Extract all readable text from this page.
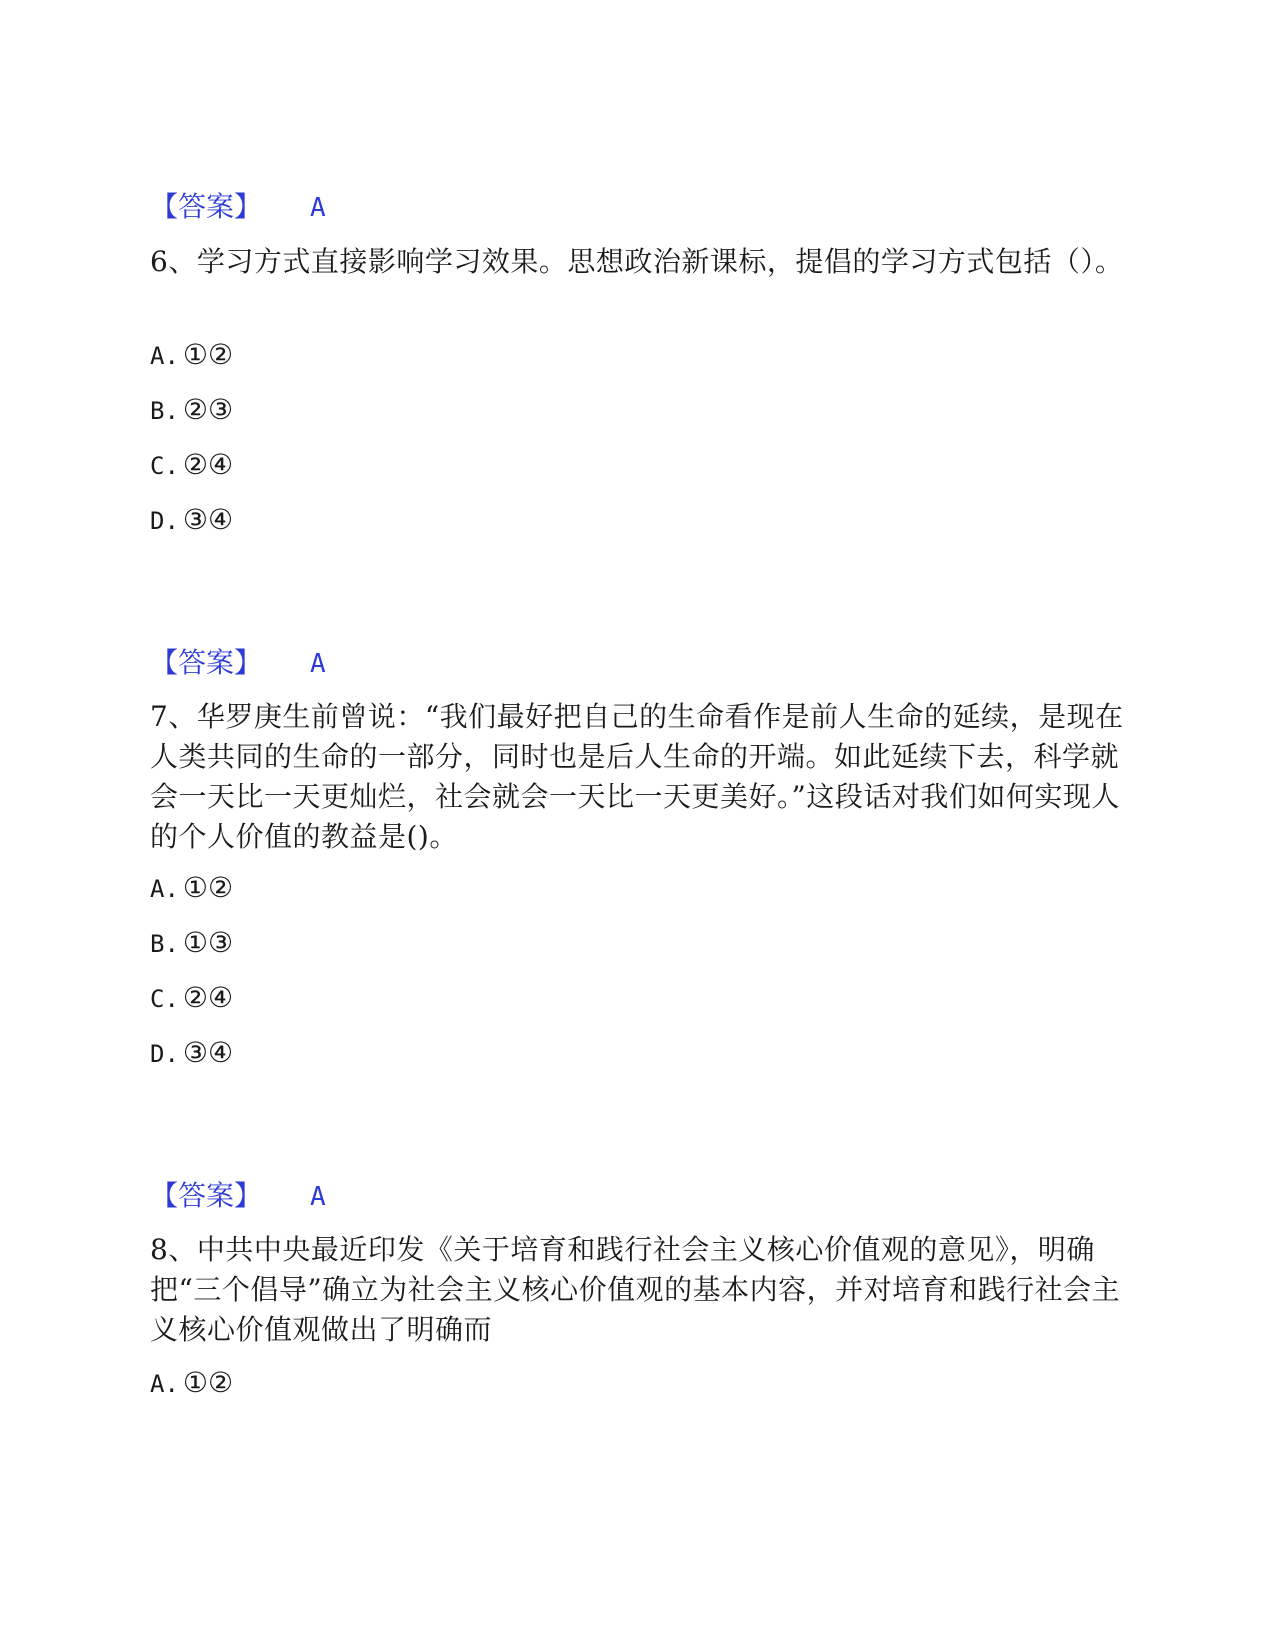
【答案】 A
6、学习方式直接影响学习效果。思想政治新课标，提倡的学习方式包括（）。
A. ①②
B. ②③
C. ②④
D. ③④
【答案】 A
7、华罗庚生前曾说：“我们最好把自己的生命看作是前人生命的延续，是现在人类共同的生命的一部分，同时也是后人生命的开端。如此延续下去，科学就会一天比一天更灿烂，社会就会一天比一天更美好。”这段话对我们如何实现人的个人价值的教益是()。
A. ①②
B. ①③
C. ②④
D. ③④
【答案】 A
8、中共中央最近印发《关于培育和践行社会主义核心价值观的意见》，明确把“三个倡导”确立为社会主义核心价值观的基本内容，并对培育和践行社会主义核心价值观做出了明确而
A. ①②
